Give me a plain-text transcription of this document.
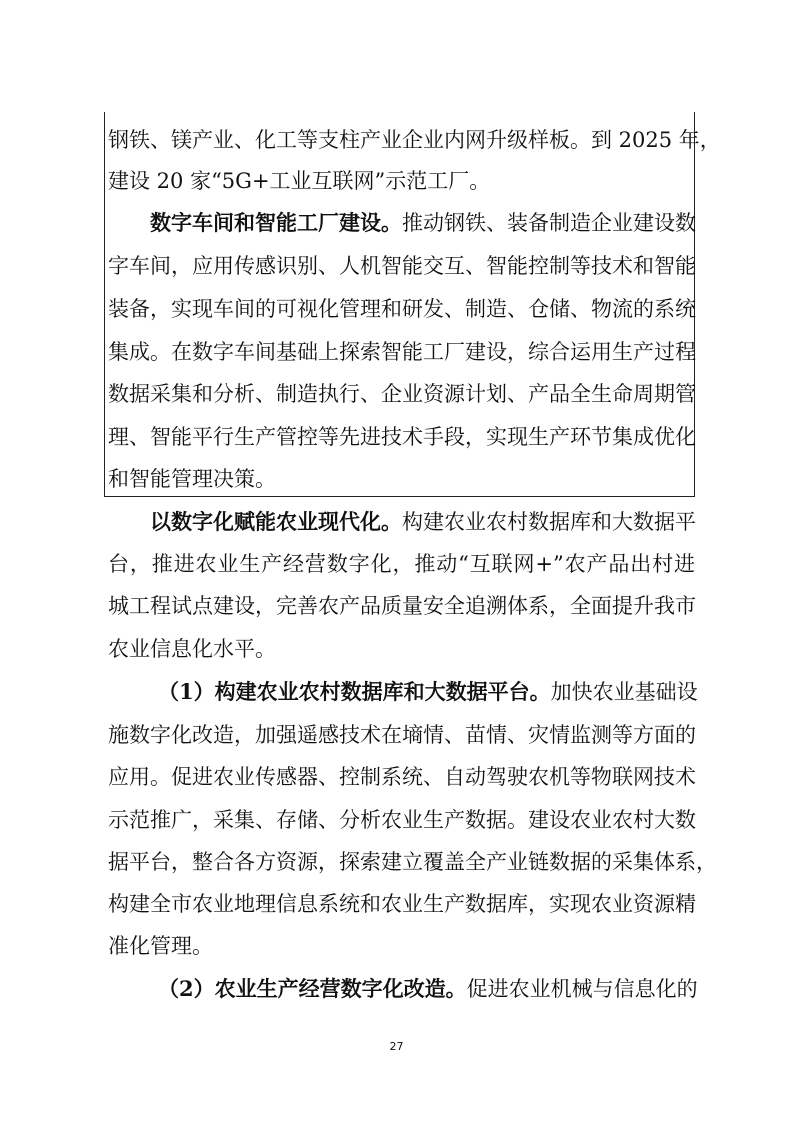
钢铁、镁产业、化工等支柱产业企业内网升级样板。到 2025 年，
建设 20 家“5G+工业互联网”示范工厂。
数字车间和智能工厂建设。推动钢铁、装备制造企业建设数
字车间，应用传感识别、人机智能交互、智能控制等技术和智能
装备，实现车间的可视化管理和研发、制造、仓储、物流的系统
集成。在数字车间基础上探索智能工厂建设，综合运用生产过程
数据采集和分析、制造执行、企业资源计划、产品全生命周期管
理、智能平行生产管控等先进技术手段，实现生产环节集成优化
和智能管理决策。
以数字化赋能农业现代化。构建农业农村数据库和大数据平
台，推进农业生产经营数字化，推动“互联网+”农产品出村进
城工程试点建设，完善农产品质量安全追溯体系，全面提升我市
农业信息化水平。
（1）构建农业农村数据库和大数据平台。加快农业基础设
施数字化改造，加强遥感技术在墒情、苗情、灾情监测等方面的
应用。促进农业传感器、控制系统、自动驾驶农机等物联网技术
示范推广，采集、存储、分析农业生产数据。建设农业农村大数
据平台，整合各方资源，探索建立覆盖全产业链数据的采集体系，
构建全市农业地理信息系统和农业生产数据库，实现农业资源精
准化管理。
（2）农业生产经营数字化改造。促进农业机械与信息化的
27
